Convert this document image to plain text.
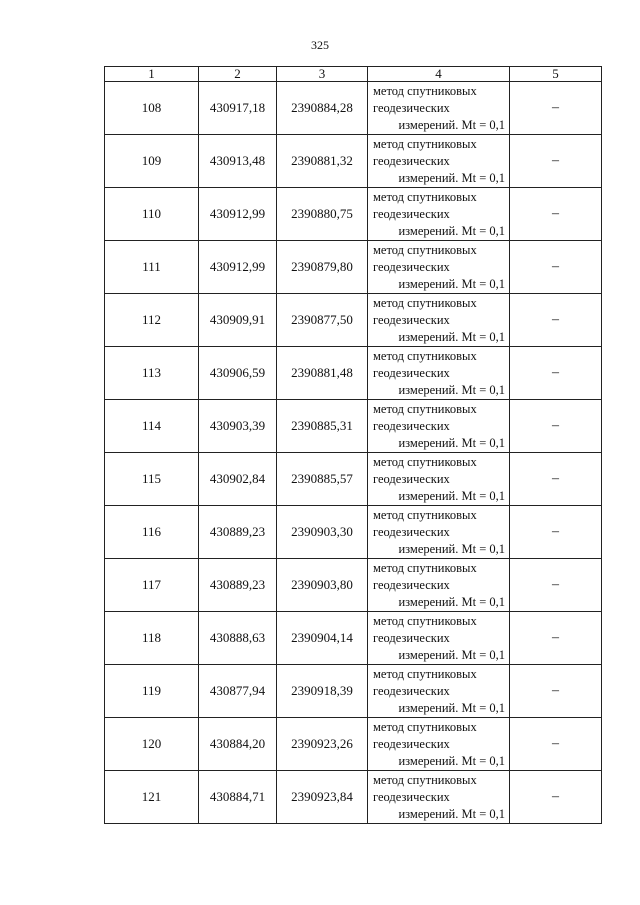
325
1	2	3	4	5
108	430917,18	2390884,28	метод спутниковых
геодезических
измерений. Mt = 0,1	–
109	430913,48	2390881,32	метод спутниковых
геодезических
измерений. Mt = 0,1	–
110	430912,99	2390880,75	метод спутниковых
геодезических
измерений. Mt = 0,1	–
111	430912,99	2390879,80	метод спутниковых
геодезических
измерений. Mt = 0,1	–
112	430909,91	2390877,50	метод спутниковых
геодезических
измерений. Mt = 0,1	–
113	430906,59	2390881,48	метод спутниковых
геодезических
измерений. Mt = 0,1	–
114	430903,39	2390885,31	метод спутниковых
геодезических
измерений. Mt = 0,1	–
115	430902,84	2390885,57	метод спутниковых
геодезических
измерений. Mt = 0,1	–
116	430889,23	2390903,30	метод спутниковых
геодезических
измерений. Mt = 0,1	–
117	430889,23	2390903,80	метод спутниковых
геодезических
измерений. Mt = 0,1	–
118	430888,63	2390904,14	метод спутниковых
геодезических
измерений. Mt = 0,1	–
119	430877,94	2390918,39	метод спутниковых
геодезических
измерений. Mt = 0,1	–
120	430884,20	2390923,26	метод спутниковых
геодезических
измерений. Mt = 0,1	–
121	430884,71	2390923,84	метод спутниковых
геодезических
измерений. Mt = 0,1	–
